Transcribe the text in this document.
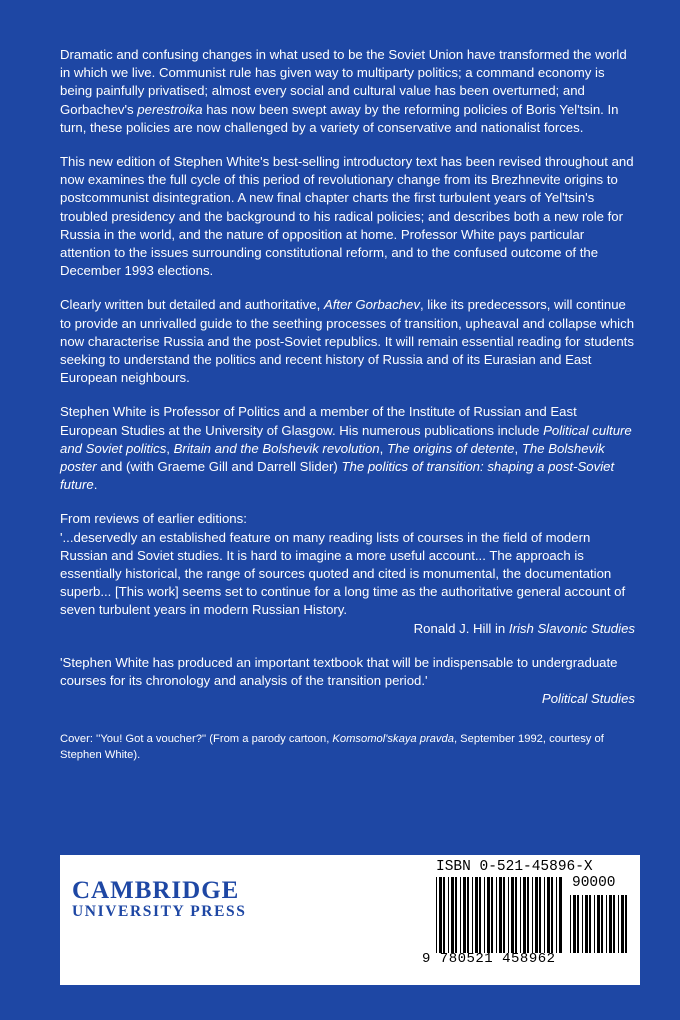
Dramatic and confusing changes in what used to be the Soviet Union have transformed the world in which we live. Communist rule has given way to multiparty politics; a command economy is being painfully privatised; almost every social and cultural value has been overturned; and Gorbachev's perestroika has now been swept away by the reforming policies of Boris Yel'tsin. In turn, these policies are now challenged by a variety of conservative and nationalist forces.

This new edition of Stephen White's best-selling introductory text has been revised throughout and now examines the full cycle of this period of revolutionary change from its Brezhnevite origins to postcommunist disintegration. A new final chapter charts the first turbulent years of Yel'tsin's troubled presidency and the background to his radical policies; and describes both a new role for Russia in the world, and the nature of opposition at home. Professor White pays particular attention to the issues surrounding constitutional reform, and to the confused outcome of the December 1993 elections.

Clearly written but detailed and authoritative, After Gorbachev, like its predecessors, will continue to provide an unrivalled guide to the seething processes of transition, upheaval and collapse which now characterise Russia and the post-Soviet republics. It will remain essential reading for students seeking to understand the politics and recent history of Russia and of its Eurasian and East European neighbours.

Stephen White is Professor of Politics and a member of the Institute of Russian and East European Studies at the University of Glasgow. His numerous publications include Political culture and Soviet politics, Britain and the Bolshevik revolution, The origins of detente, The Bolshevik poster and (with Graeme Gill and Darrell Slider) The politics of transition: shaping a post-Soviet future.

From reviews of earlier editions:
'...deservedly an established feature on many reading lists of courses in the field of modern Russian and Soviet studies. It is hard to imagine a more useful account... The approach is essentially historical, the range of sources quoted and cited is monumental, the documentation superb... [This work] seems set to continue for a long time as the authoritative general account of seven turbulent years in modern Russian History.
Ronald J. Hill in Irish Slavonic Studies

'Stephen White has produced an important textbook that will be indispensable to undergraduate courses for its chronology and analysis of the transition period.'
Political Studies

Cover: ''You! Got a voucher?'' (From a parody cartoon, Komsomol'skaya pravda, September 1992, courtesy of Stephen White).
CAMBRIDGE
UNIVERSITY PRESS
ISBN 0-521-45896-X
90000
9 780521 458962
